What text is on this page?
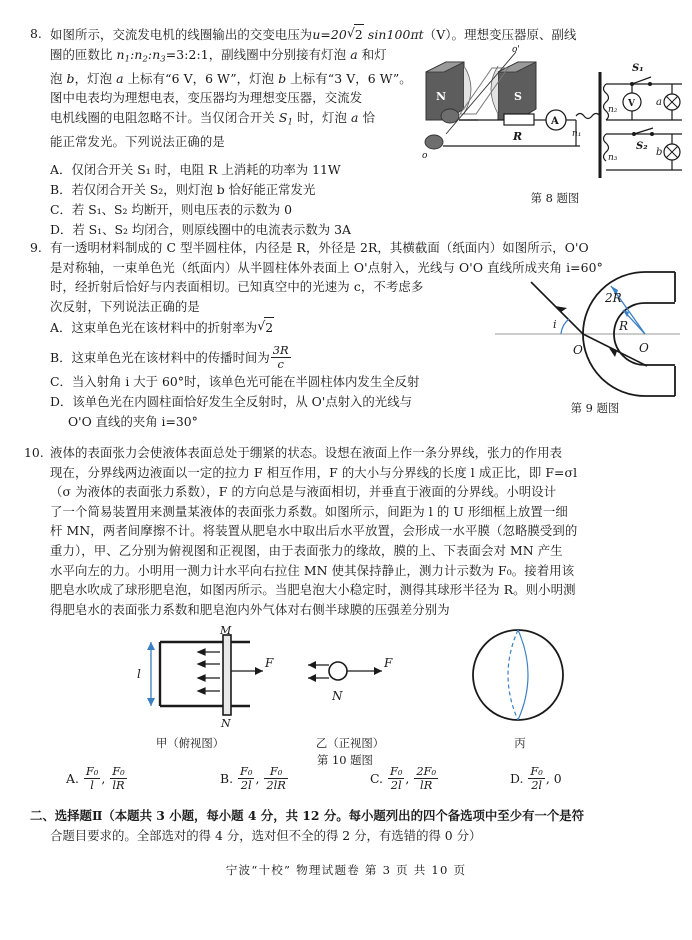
8. 如图所示，交流发电机的线圈输出的交变电压为u=20 √ 2 sin100πt（V）。理想变压器原、副线
圈的匝数比 $n_1:n_2:n_3=3:2:1$，副线圈中分别接有灯泡 a 和灯
泡 b，灯泡 a 上标有“6 V，6 W”，灯泡 b 上标有“3 V，6 W”。
图中电表均为理想电表，变压器均为理想变压器，交流发
电机线圈的电阻忽略不计。当仅闭合开关 $S_1$ 时，灯泡 a 恰
能正常发光。下列说法正确的是
A．仅闭合开关 S₁ 时，电阻 R 上消耗的功率为 11W
B．若仅闭合开关 S₂，则灯泡 b 恰好能正常发光
C．若 S₁、S₂ 均断开，则电压表的示数为 0
D．若 S₁、S₂ 均闭合，则原线圈中的电流表示数为 3A
N	S
o'
o
R
A
n₁
n₂
V
S₁
a
n₃
S₂
b
第 8 题图
9. 有一透明材料制成的 C 型半圆柱体，内径是 R，外径是 2R，其横截面（纸面内）如图所示，O'O
是对称轴，一束单色光（纸面内）从半圆柱体外表面上 O'点射入，光线与 O'O 直线所成夹角 i=60°
时，经折射后恰好与内表面相切。已知真空中的光速为 c，不考虑多
次反射，下列说法正确的是
A．这束单色光在该材料中的折射率为 √ 2
B．这束单色光在该材料中的传播时间为 $\frac{3R}{c}$
C．当入射角 i 大于 60°时，该单色光可能在半圆柱体内发生全反射
D．该单色光在内圆柱面恰好发生全反射时，从 O'点射入的光线与
O'O 直线的夹角 i=30°
i
O'	O
2R
R
第 9 题图
10. 液体的表面张力会使液体表面总处于绷紧的状态。设想在液面上作一条分界线，张力的作用表
现在，分界线两边液面以一定的拉力 F 相互作用，F 的大小与分界线的长度 l 成正比，即 F=σl
（σ 为液体的表面张力系数），F 的方向总是与液面相切，并垂直于液面的分界线。小明设计
了一个简易装置用来测量某液体的表面张力系数。如图所示，间距为 l 的 U 形细框上放置一细
杆 MN，两者间摩擦不计。将装置从肥皂水中取出后水平放置，会形成一水平膜（忽略膜受到的
重力），甲、乙分别为俯视图和正视图，由于表面张力的缘故，膜的上、下表面会对 MN 产生
水平向左的力。小明用一测力计水平向右拉住 MN 使其保持静止，测力计示数为 F₀。接着用该
肥皂水吹成了球形肥皂泡，如图丙所示。当肥皂泡大小稳定时，测得其球形半径为 R。则小明测
得肥皂水的表面张力系数和肥皂泡内外气体对右侧半球膜的压强差分别为
M
N
F
l
F
N
甲（俯视图）	乙（正视图）	丙
第 10 题图
A. $\frac{\text{F₀}}{l}$ , $\frac{\text{F₀}}{lR}$	B. $\frac{\text{F₀}}{2l}$ , $\frac{\text{F₀}}{2lR}$	C. $\frac{\text{F₀}}{2l}$ , $\frac{\text{2F₀}}{lR}$	D. $\frac{\text{F₀}}{2l}$ , 0
二、选择题Ⅱ（本题共 3 小题，每小题 4 分，共 12 分。每小题列出的四个备选项中至少有一个是符
合题目要求的。全部选对的得 4 分，选对但不全的得 2 分，有选错的得 0 分）
宁波“十校” 物理试题卷 第 3 页 共 10 页
